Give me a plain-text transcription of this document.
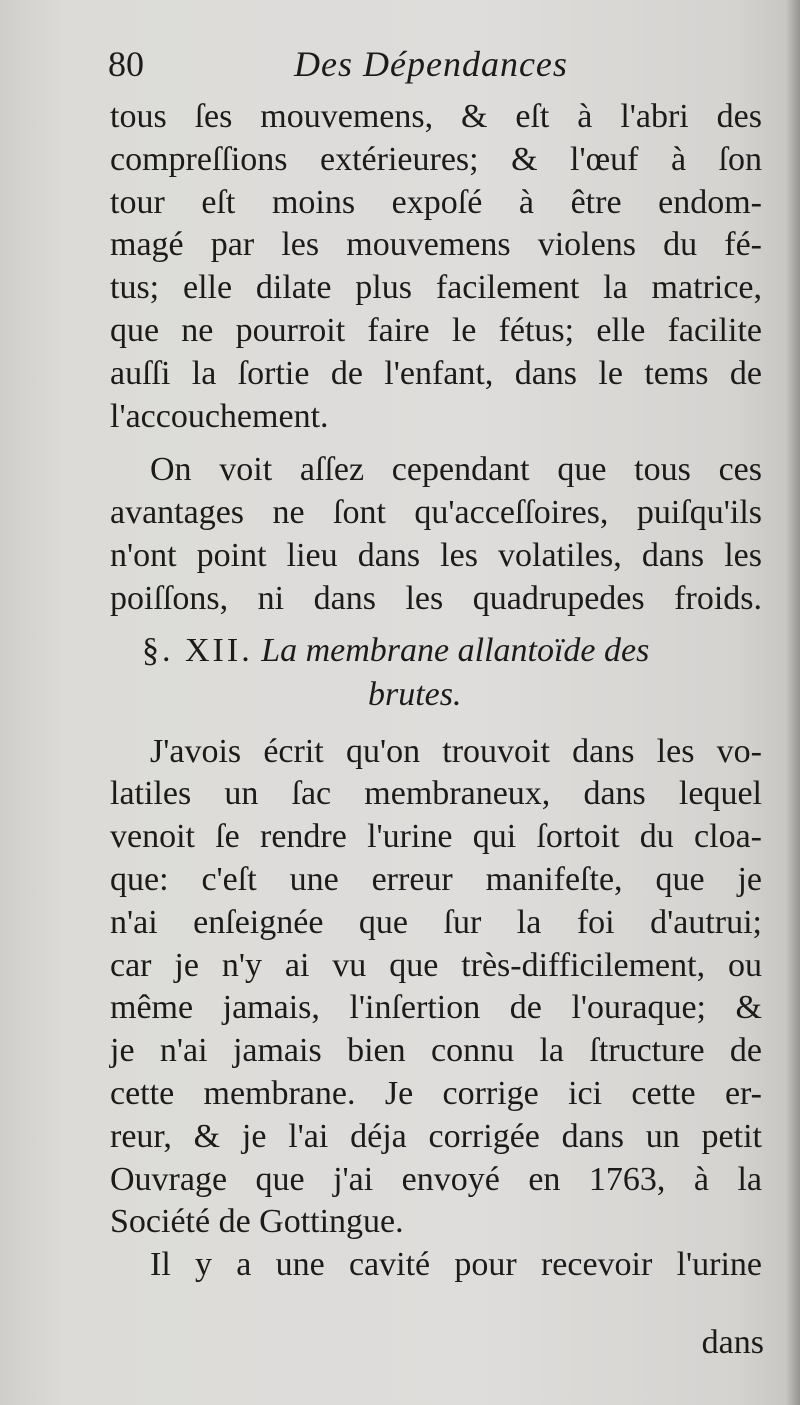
80	Des Dépendances
tous ſes mouvemens, & eſt à l'abri des
compreſſions extérieures; & l'œuf à ſon
tour eſt moins expoſé à être endom-
magé par les mouvemens violens du fé-
tus; elle dilate plus facilement la matrice,
que ne pourroit faire le fétus; elle facilite
auſſi la ſortie de l'enfant, dans le tems de
l'accouchement.
On voit aſſez cependant que tous ces
avantages ne ſont qu'acceſſoires, puiſqu'ils
n'ont point lieu dans les volatiles, dans les
poiſſons, ni dans les quadrupedes froids.
§. XII. La membrane allantoïde des
brutes.
J'avois écrit qu'on trouvoit dans les vo-
latiles un ſac membraneux, dans lequel
venoit ſe rendre l'urine qui ſortoit du cloa-
que: c'eſt une erreur manifeſte, que je
n'ai enſeignée que ſur la foi d'autrui;
car je n'y ai vu que très-difficilement, ou
même jamais, l'inſertion de l'ouraque; &
je n'ai jamais bien connu la ſtructure de
cette membrane. Je corrige ici cette er-
reur, & je l'ai déja corrigée dans un petit
Ouvrage que j'ai envoyé en 1763, à la
Société de Gottingue.
Il y a une cavité pour recevoir l'urine
dans
